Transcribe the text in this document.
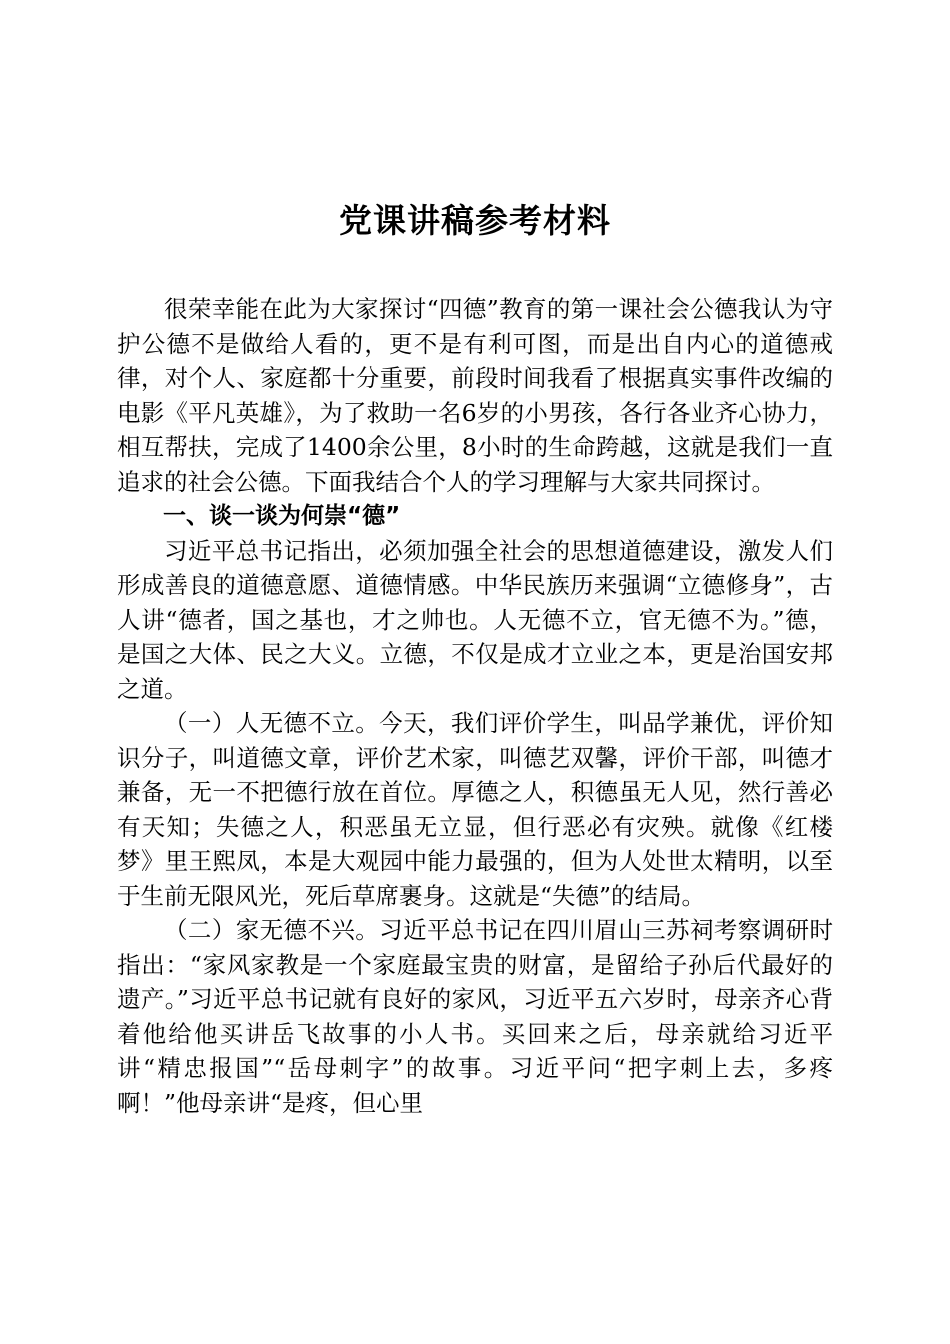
党课讲稿参考材料

很荣幸能在此为大家探讨“四德”教育的第一课社会公德我认为守护公德不是做给人看的，更不是有利可图，而是出自内心的道德戒律，对个人、家庭都十分重要，前段时间我看了根据真实事件改编的电影《平凡英雄》，为了救助一名6岁的小男孩，各行各业齐心协力，相互帮扶，完成了1400余公里，8小时的生命跨越，这就是我们一直追求的社会公德。下面我结合个人的学习理解与大家共同探讨。

一、谈一谈为何崇“德”

习近平总书记指出，必须加强全社会的思想道德建设，激发人们形成善良的道德意愿、道德情感。中华民族历来强调“立德修身”，古人讲“德者，国之基也，才之帅也。人无德不立，官无德不为。”德，是国之大体、民之大义。立德，不仅是成才立业之本，更是治国安邦之道。

（一）人无德不立。今天，我们评价学生，叫品学兼优，评价知识分子，叫道德文章，评价艺术家，叫德艺双馨，评价干部，叫德才兼备，无一不把德行放在首位。厚德之人，积德虽无人见，然行善必有天知；失德之人，积恶虽无立显，但行恶必有灾殃。就像《红楼梦》里王熙凤，本是大观园中能力最强的，但为人处世太精明，以至于生前无限风光，死后草席裹身。这就是“失德”的结局。

（二）家无德不兴。习近平总书记在四川眉山三苏祠考察调研时指出：“家风家教是一个家庭最宝贵的财富，是留给子孙后代最好的遗产。”习近平总书记就有良好的家风，习近平五六岁时，母亲齐心背着他给他买讲岳飞故事的小人书。买回来之后，母亲就给习近平讲“精忠报国”“岳母刺字”的故事。习近平问“把字刺上去，多疼啊！”他母亲讲“是疼，但心里
